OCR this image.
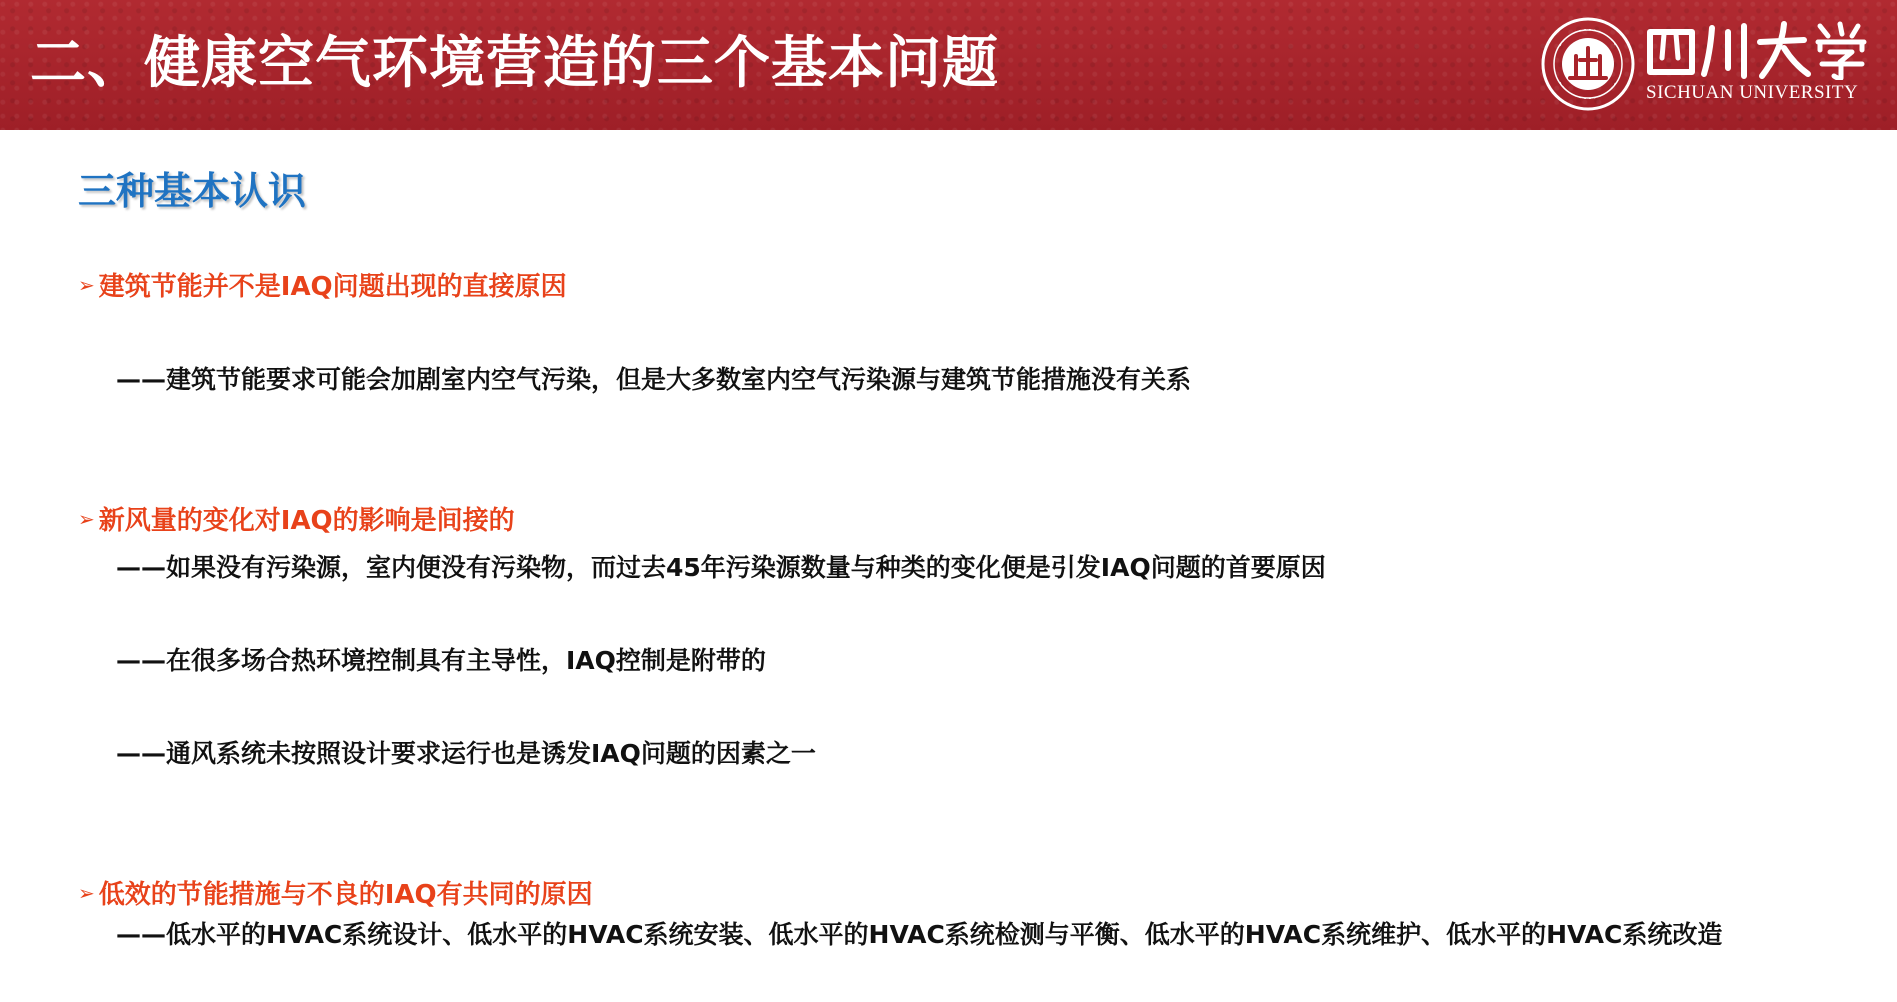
二、健康空气环境营造的三个基本问题	SICHUAN UNIVERSITY
三种基本认识
➢ 建筑节能并不是IAQ问题出现的直接原因
——建筑节能要求可能会加剧室内空气污染，但是大多数室内空气污染源与建筑节能措施没有关系
➢ 新风量的变化对IAQ的影响是间接的
——如果没有污染源，室内便没有污染物，而过去45年污染源数量与种类的变化便是引发IAQ问题的首要原因
——在很多场合热环境控制具有主导性，IAQ控制是附带的
——通风系统未按照设计要求运行也是诱发IAQ问题的因素之一
➢ 低效的节能措施与不良的IAQ有共同的原因
——低水平的HVAC系统设计、低水平的HVAC系统安装、低水平的HVAC系统检测与平衡、低水平的HVAC系统维护、低水平的HVAC系统改造
